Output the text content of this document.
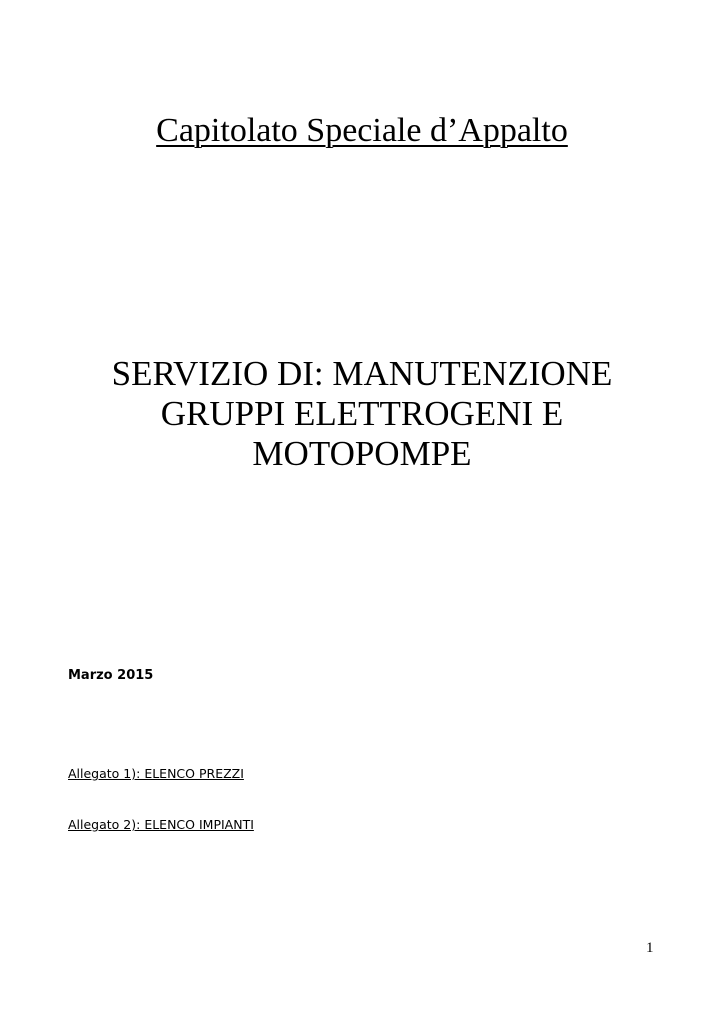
Capitolato Speciale d’Appalto
SERVIZIO DI: MANUTENZIONE
GRUPPI ELETTROGENI E
MOTOPOMPE
Marzo 2015
Allegato 1): ELENCO PREZZI
Allegato 2): ELENCO IMPIANTI
1
